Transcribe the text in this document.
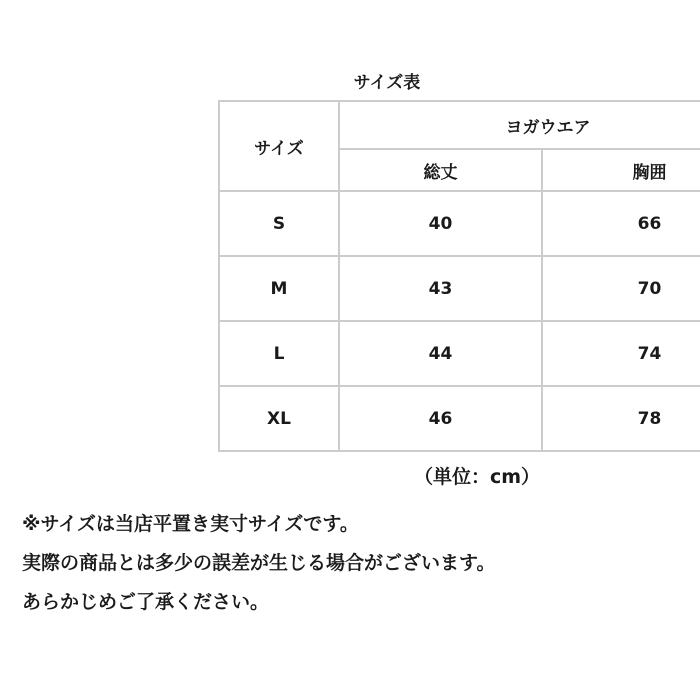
サイズ表
サイズ	ヨガウエア	
	総丈	胸囲
S	40	66
M	43	70
L	44	74
XL	46	78
（単位：cm）
※サイズは当店平置き実寸サイズです。
実際の商品とは多少の誤差が生じる場合がございます。
あらかじめご了承ください。
